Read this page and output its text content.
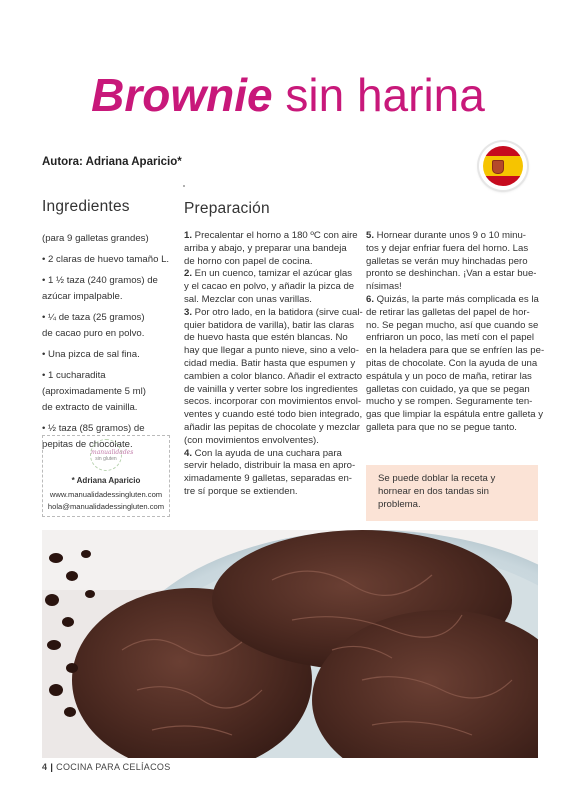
Brownie sin harina
Autora: Adriana Aparicio*
Ingredientes	Preparación
(para 9 galletas grandes)
• 2 claras de huevo tamaño L.
• 1 ½ taza (240 gramos) de
azúcar impalpable.
• ¼ de taza (25 gramos)
de cacao puro en polvo.
• Una pizca de sal fina.
• 1 cucharadita
(aproximadamente 5 ml)
de extracto de vainilla.
• ½ taza (85 gramos) de
pepitas de chocolate.
manualidades
sin gluten
* Adriana Aparicio
www.manualidadessingluten.com
hola@manualidadessingluten.com
1. Precalentar el horno a 180 ºC con aire
arriba y abajo, y preparar una bandeja
de horno con papel de cocina.
2. En un cuenco, tamizar el azúcar glas
y el cacao en polvo, y añadir la pizca de
sal. Mezclar con unas varillas.
3. Por otro lado, en la batidora (sirve cual-
quier batidora de varilla), batir las claras
de huevo hasta que estén blancas. No
hay que llegar a punto nieve, sino a velo-
cidad media. Batir hasta que espumen y
cambien a color blanco. Añadir el extracto
de vainilla y verter sobre los ingredientes
secos. incorporar con movimientos envol-
ventes y cuando esté todo bien integrado,
añadir las pepitas de chocolate y mezclar
(con movimientos envolventes).
4. Con la ayuda de una cuchara para
servir helado, distribuir la masa en apro-
ximadamente 9 galletas, separadas en-
tre sí porque se extienden.
5. Hornear durante unos 9 o 10 minu-
tos y dejar enfriar fuera del horno. Las
galletas se verán muy hinchadas pero
pronto se deshinchan. ¡Van a estar bue-
nísimas!
6. Quizás, la parte más complicada es la
de retirar las galletas del papel de hor-
no. Se pegan mucho, así que cuando se
enfriaron un poco, las metí con el papel
en la heladera para que se enfríen las pe-
pitas de chocolate. Con la ayuda de una
espátula y un poco de maña, retirar las
galletas con cuidado, ya que se pegan
mucho y se rompen. Seguramente ten-
gas que limpiar la espátula entre galleta y
galleta para que no se pegue tanto.
Se puede doblar la receta y
hornear en dos tandas sin
problema.
4 | COCINA PARA CELÍACOS
